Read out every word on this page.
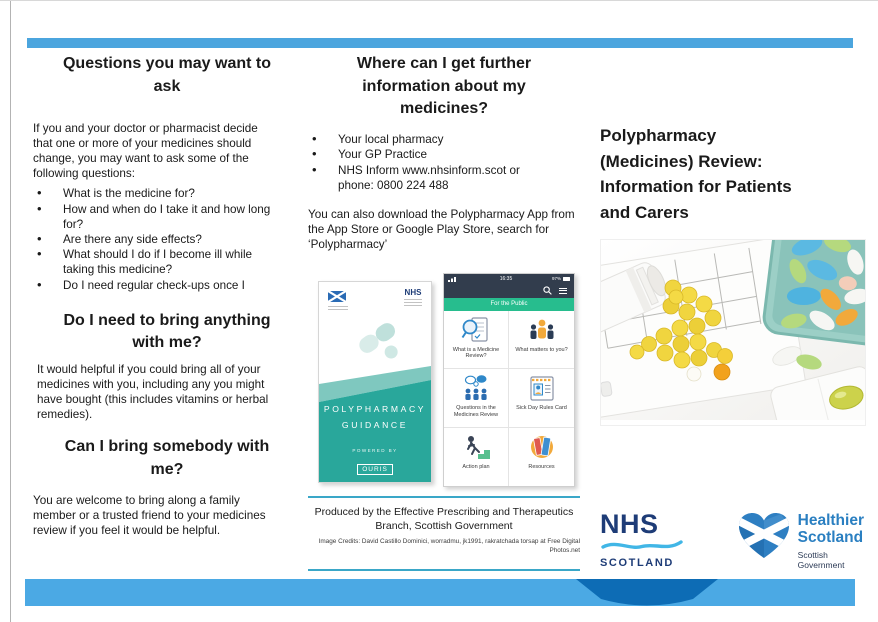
Questions you may want to ask

If you and your doctor or pharmacist decide that one or more of your medicines should change, you may want to ask some of the following questions:

• What is the medicine for?
• How and when do I take it and how long for?
• Are there any side effects?
• What should I do if I become ill while taking this medicine?
• Do I need regular check-ups once I
Do I need to bring anything with me?

It would helpful if you could bring all of your medicines with you, including any you might have bought (this includes vitamins or herbal remedies).

Can I bring somebody with me?

You are welcome to bring along a family member or a trusted friend to your medicines review if you feel it would be helpful.

Where can I get further information about my medicines?
• Your local pharmacy
• Your GP Practice
• NHS Inform www.nhsinform.scot or phone: 0800 224 488

You can also download the Polypharmacy App from the App Store or Google Play Store, search for ‘Polypharmacy’

NHS
POLYPHARMACY
GUIDANCE
POWERED BY
OURIS
16:35	97%
For the Public
What is a Medicine Review?
What matters to you?
Questions in the Medicines Review
Sick Day Rules Card
Action plan	Resources

Produced by the Effective Prescribing and Therapeutics Branch, Scottish Government

Image Credits: David Castillo Dominici, worradmu, jk1991, rakratchada torsap at Free Digital Photos.net

Polypharmacy
(Medicines) Review:
Information for Patients
and Carers
NHS
SCOTLAND
Healthier
Scotland
Scottish
Government
